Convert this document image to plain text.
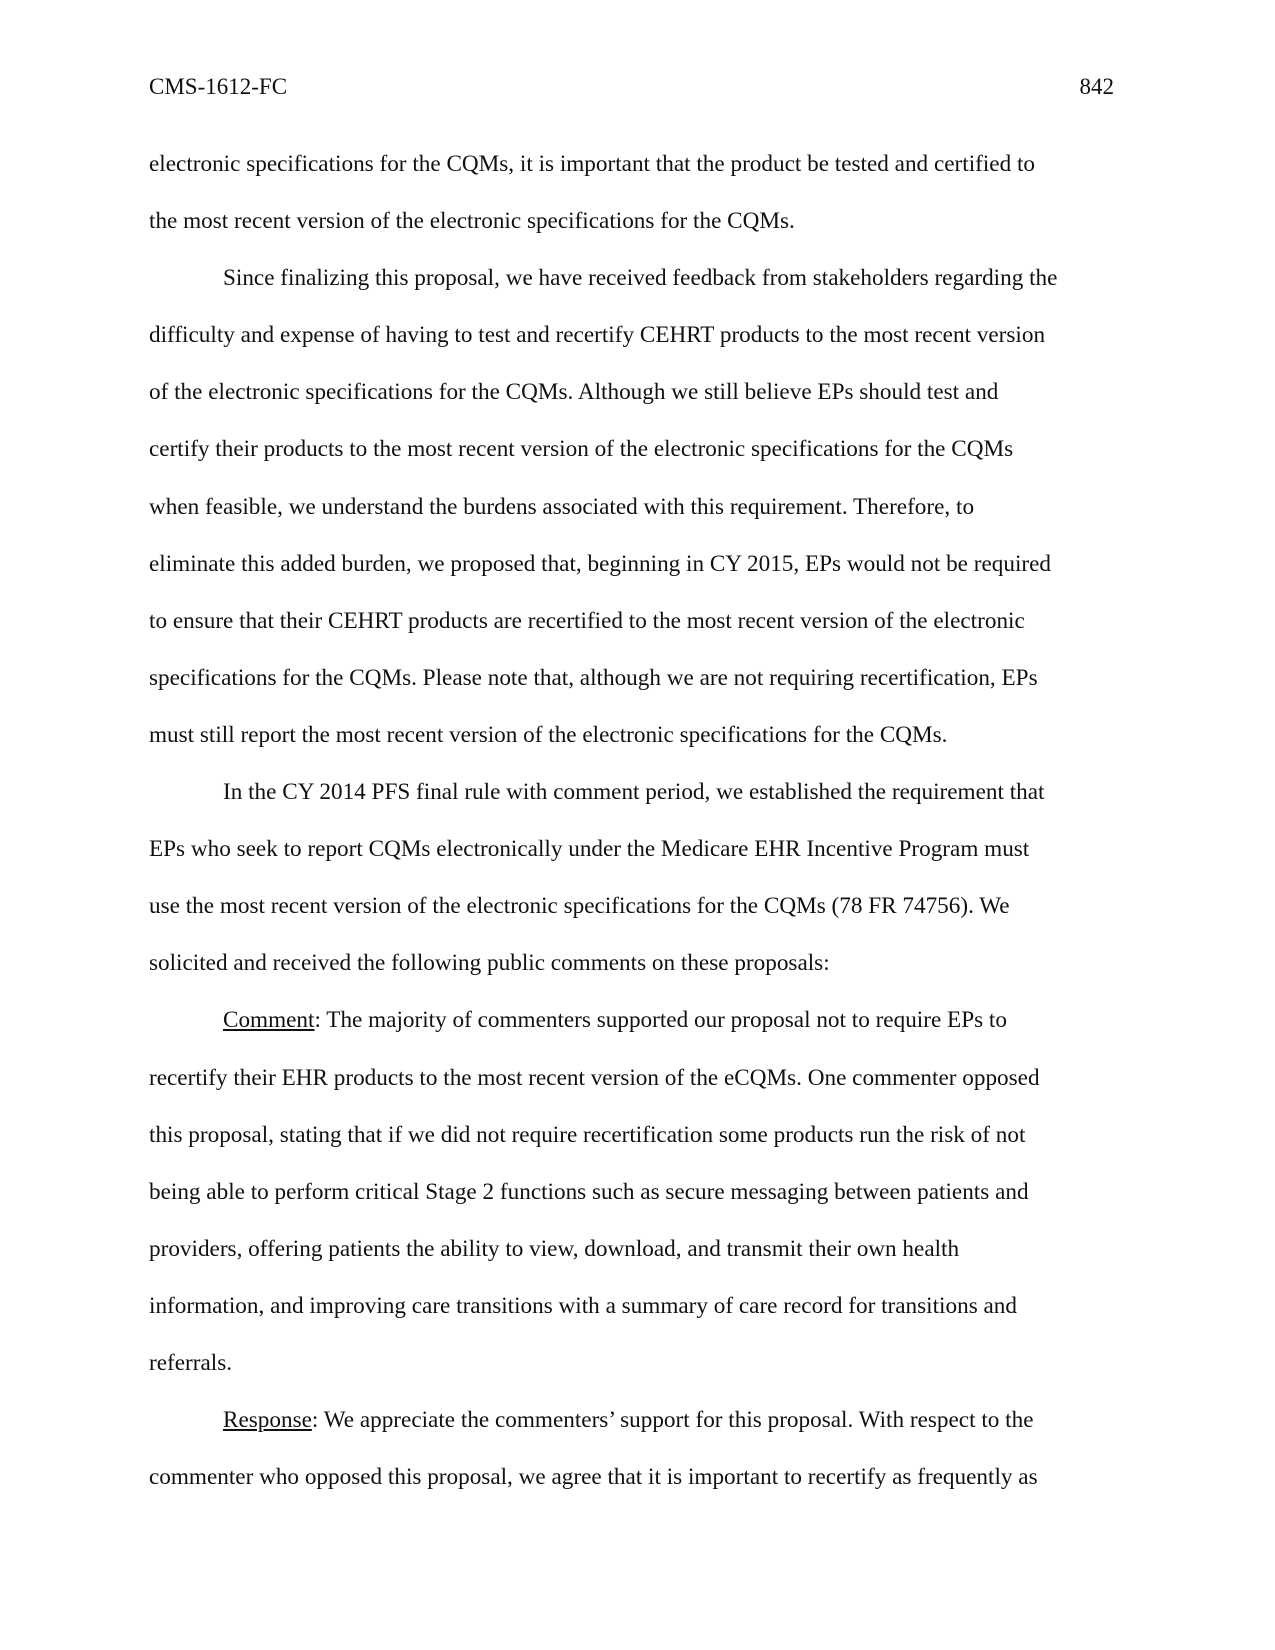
CMS-1612-FC	842
electronic specifications for the CQMs, it is important that the product be tested and certified to
the most recent version of the electronic specifications for the CQMs.
Since finalizing this proposal, we have received feedback from stakeholders regarding the
difficulty and expense of having to test and recertify CEHRT products to the most recent version
of the electronic specifications for the CQMs. Although we still believe EPs should test and
certify their products to the most recent version of the electronic specifications for the CQMs
when feasible, we understand the burdens associated with this requirement. Therefore, to
eliminate this added burden, we proposed that, beginning in CY 2015, EPs would not be required
to ensure that their CEHRT products are recertified to the most recent version of the electronic
specifications for the CQMs. Please note that, although we are not requiring recertification, EPs
must still report the most recent version of the electronic specifications for the CQMs.
In the CY 2014 PFS final rule with comment period, we established the requirement that
EPs who seek to report CQMs electronically under the Medicare EHR Incentive Program must
use the most recent version of the electronic specifications for the CQMs (78 FR 74756). We
solicited and received the following public comments on these proposals:
Comment: The majority of commenters supported our proposal not to require EPs to
recertify their EHR products to the most recent version of the eCQMs. One commenter opposed
this proposal, stating that if we did not require recertification some products run the risk of not
being able to perform critical Stage 2 functions such as secure messaging between patients and
providers, offering patients the ability to view, download, and transmit their own health
information, and improving care transitions with a summary of care record for transitions and
referrals.
Response: We appreciate the commenters’ support for this proposal. With respect to the
commenter who opposed this proposal, we agree that it is important to recertify as frequently as
